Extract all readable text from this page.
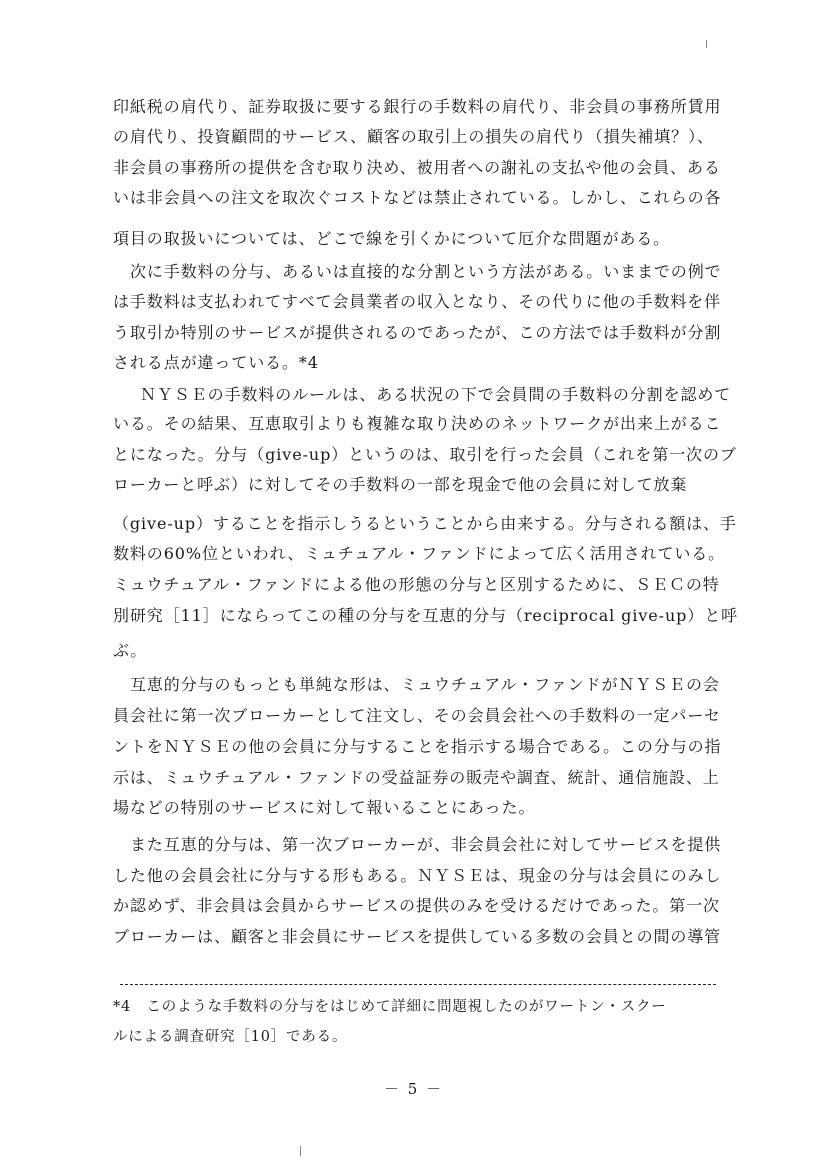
印紙税の肩代り、証券取扱に要する銀行の手数料の肩代り、非会員の事務所賃用
の肩代り、投資顧問的サービス、顧客の取引上の損失の肩代り（損失補填？）、
非会員の事務所の提供を含む取り決め、被用者への謝礼の支払や他の会員、ある
いは非会員への注文を取次ぐコストなどは禁止されている。しかし、これらの各
項目の取扱いについては、どこで線を引くかについて厄介な問題がある。
次に手数料の分与、あるいは直接的な分割という方法がある。いままでの例で
は手数料は支払われてすべて会員業者の収入となり、その代りに他の手数料を伴
う取引か特別のサービスが提供されるのであったが、この方法では手数料が分割
される点が違っている。*4
ＮＹＳＥの手数料のルールは、ある状況の下で会員間の手数料の分割を認めて
いる。その結果、互恵取引よりも複雑な取り決めのネットワークが出来上がるこ
とになった。分与（give-up）というのは、取引を行った会員（これを第一次のブ
ローカーと呼ぶ）に対してその手数料の一部を現金で他の会員に対して放棄
（give-up）することを指示しうるということから由来する。分与される額は、手
数料の60%位といわれ、ミュチュアル・ファンドによって広く活用されている。
ミュウチュアル・ファンドによる他の形態の分与と区別するために、ＳＥＣの特
別研究［11］にならってこの種の分与を互恵的分与（reciprocal give-up）と呼
ぶ。
互恵的分与のもっとも単純な形は、ミュウチュアル・ファンドがＮＹＳＥの会
員会社に第一次ブローカーとして注文し、その会員会社への手数料の一定パーセ
ントをＮＹＳＥの他の会員に分与することを指示する場合である。この分与の指
示は、ミュウチュアル・ファンドの受益証券の販売や調査、統計、通信施設、上
場などの特別のサービスに対して報いることにあった。
また互恵的分与は、第一次ブローカーが、非会員会社に対してサービスを提供
した他の会員会社に分与する形もある。ＮＹＳＥは、現金の分与は会員にのみし
か認めず、非会員は会員からサービスの提供のみを受けるだけであった。第一次
ブローカーは、顧客と非会員にサービスを提供している多数の会員との間の導管
*4　このような手数料の分与をはじめて詳細に問題視したのがワートン・スクー
ルによる調査研究［10］である。
－ 5 －
